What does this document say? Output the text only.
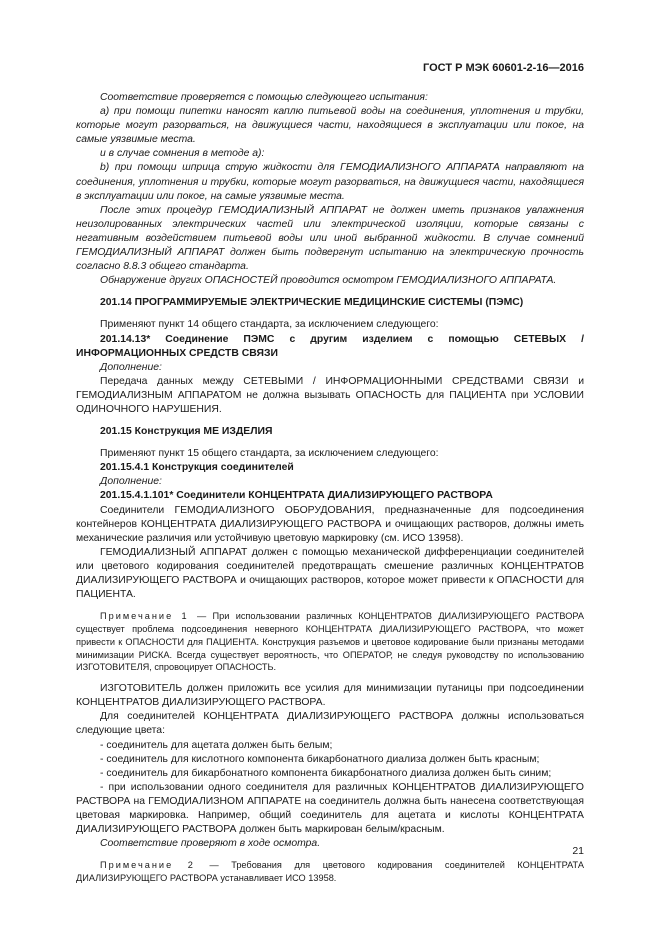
ГОСТ Р МЭК 60601-2-16—2016

Соответствие проверяется с помощью следующего испытания:

a) при помощи пипетки наносят каплю питьевой воды на соединения, уплотнения и трубки, которые могут разорваться, на движущиеся части, находящиеся в эксплуатации или покое, на самые уязвимые места.

и в случае сомнения в методе a):

b) при помощи шприца струю жидкости для ГЕМОДИАЛИЗНОГО АППАРАТА направляют на соединения, уплотнения и трубки, которые могут разорваться, на движущиеся части, находящиеся в эксплуатации или покое, на самые уязвимые места.

После этих процедур ГЕМОДИАЛИЗНЫЙ АППАРАТ не должен иметь признаков увлажнения неизолированных электрических частей или электрической изоляции, которые связаны с негативным воздействием питьевой воды или иной выбранной жидкости. В случае сомнений ГЕМОДИАЛИЗНЫЙ АППАРАТ должен быть подвергнут испытанию на электрическую прочность согласно 8.8.3 общего стандарта.

Обнаружение других ОПАСНОСТЕЙ проводится осмотром ГЕМОДИАЛИЗНОГО АППАРАТА.

201.14 ПРОГРАММИРУЕМЫЕ ЭЛЕКТРИЧЕСКИЕ МЕДИЦИНСКИЕ СИСТЕМЫ (ПЭМС)

Применяют пункт 14 общего стандарта, за исключением следующего:

201.14.13* Соединение ПЭМС с другим изделием с помощью СЕТЕВЫХ / ИНФОРМАЦИОННЫХ СРЕДСТВ СВЯЗИ

Дополнение:

Передача данных между СЕТЕВЫМИ / ИНФОРМАЦИОННЫМИ СРЕДСТВАМИ СВЯЗИ и ГЕМОДИАЛИЗНЫМ АППАРАТОМ не должна вызывать ОПАСНОСТЬ для ПАЦИЕНТА при УСЛОВИИ ОДИНОЧНОГО НАРУШЕНИЯ.

201.15 Конструкция МЕ ИЗДЕЛИЯ

Применяют пункт 15 общего стандарта, за исключением следующего:

201.15.4.1 Конструкция соединителей

Дополнение:

201.15.4.1.101* Соединители КОНЦЕНТРАТА ДИАЛИЗИРУЮЩЕГО РАСТВОРА

Соединители ГЕМОДИАЛИЗНОГО ОБОРУДОВАНИЯ, предназначенные для подсоединения контейнеров КОНЦЕНТРАТА ДИАЛИЗИРУЮЩЕГО РАСТВОРА и очищающих растворов, должны иметь механические различия или устойчивую цветовую маркировку (см. ИСО 13958).

ГЕМОДИАЛИЗНЫЙ АППАРАТ должен с помощью механической дифференциации соединителей или цветового кодирования соединителей предотвращать смешение различных КОНЦЕНТРАТОВ ДИАЛИЗИРУЮЩЕГО РАСТВОРА и очищающих растворов, которое может привести к ОПАСНОСТИ для ПАЦИЕНТА.

Примечание 1 — При использовании различных КОНЦЕНТРАТОВ ДИАЛИЗИРУЮЩЕГО РАСТВОРА существует проблема подсоединения неверного КОНЦЕНТРАТА ДИАЛИЗИРУЮЩЕГО РАСТВОРА, что может привести к ОПАСНОСТИ для ПАЦИЕНТА. Конструкция разъемов и цветовое кодирование были признаны методами минимизации РИСКА. Всегда существует вероятность, что ОПЕРАТОР, не следуя руководству по использованию ИЗГОТОВИТЕЛЯ, спровоцирует ОПАСНОСТЬ.

ИЗГОТОВИТЕЛЬ должен приложить все усилия для минимизации путаницы при подсоединении КОНЦЕНТРАТОВ ДИАЛИЗИРУЮЩЕГО РАСТВОРА.

Для соединителей КОНЦЕНТРАТА ДИАЛИЗИРУЮЩЕГО РАСТВОРА должны использоваться следующие цвета:

- соединитель для ацетата должен быть белым;

- соединитель для кислотного компонента бикарбонатного диализа должен быть красным;

- соединитель для бикарбонатного компонента бикарбонатного диализа должен быть синим;

- при использовании одного соединителя для различных КОНЦЕНТРАТОВ ДИАЛИЗИРУЮЩЕГО РАСТВОРА на ГЕМОДИАЛИЗНОМ АППАРАТЕ на соединитель должна быть нанесена соответствующая цветовая маркировка. Например, общий соединитель для ацетата и кислоты КОНЦЕНТРАТА ДИАЛИЗИРУЮЩЕГО РАСТВОРА должен быть маркирован белым/красным.

Соответствие проверяют в ходе осмотра.

Примечание 2 — Требования для цветового кодирования соединителей КОНЦЕНТРАТА ДИАЛИЗИРУЮЩЕГО РАСТВОРА устанавливает ИСО 13958.

21
